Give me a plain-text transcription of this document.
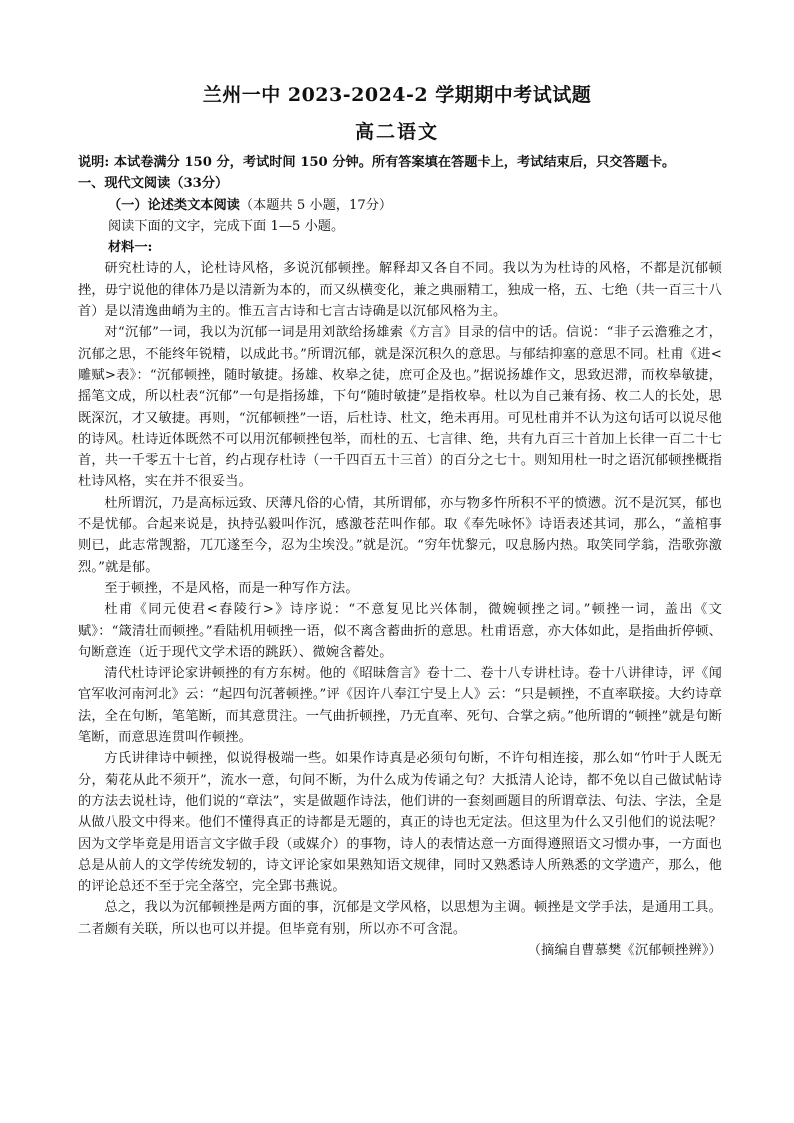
兰州一中 2023-2024-2 学期期中考试试题
高二语文

说明: 本试卷满分 150 分，考试时间 150 分钟。所有答案填在答题卡上，考试结束后，只交答题卡。

一、现代文阅读（33分）

（一）论述类文本阅读（本题共 5 小题，17分）

阅读下面的文字，完成下面 1—5 小题。

材料一:

研究杜诗的人，论杜诗风格，多说沉郁顿挫。解释却又各自不同。我以为为杜诗的风格，不都是沉郁顿挫，毋宁说他的律体乃是以清新为本的，而又纵横变化，兼之典丽精工，独成一格，五、七绝（共一百三十八首）是以清逸曲峭为主的。惟五言古诗和七言古诗确是以沉郁风格为主。

对“沉郁”一词，我以为沉郁一词是用刘歆给扬雄索《方言》目录的信中的话。信说：“非子云澹雅之才，沉郁之思，不能终年锐精，以成此书。”所谓沉郁，就是深沉积久的意思。与郁结抑塞的意思不同。杜甫《进<雕赋>表》：“沉郁顿挫，随时敏捷。扬雄、枚皋之徒，庶可企及也。”据说扬雄作文，思致迟滞，而枚皋敏捷，摇笔文成，所以杜表“沉郁”一句是指扬雄，下句“随时敏捷”是指枚皋。杜以为自己兼有扬、枚二人的长处，思既深沉，才又敏捷。再则，“沉郁顿挫”一语，后杜诗、杜文，绝未再用。可见杜甫并不认为这句话可以说尽他的诗风。杜诗近体既然不可以用沉郁顿挫包举，而杜的五、七言律、绝，共有九百三十首加上长律一百二十七首，共一千零五十七首，约占现存杜诗（一千四百五十三首）的百分之七十。则知用杜一时之语沉郁顿挫概指杜诗风格，实在并不很妥当。

杜所谓沉，乃是高标远致、厌薄凡俗的心情，其所谓郁，亦与物多忤所积不平的愤懑。沉不是沉冥，郁也不是忧郁。合起来说是，执持弘毅叫作沉，感激苍茫叫作郁。取《奉先咏怀》诗语表述其词，那么，“盖棺事则已，此志常觊豁，兀兀遂至今，忍为尘埃没。”就是沉。“穷年忧黎元，叹息肠内热。取笑同学翁，浩歌弥激烈。”就是郁。

至于顿挫，不是风格，而是一种写作方法。

杜甫《同元使君<舂陵行>》诗序说：“不意复见比兴体制，微婉顿挫之词。”顿挫一词，盖出《文赋》：“箴清壮而顿挫。”看陆机用顿挫一语，似不离含蓄曲折的意思。杜甫语意，亦大体如此，是指曲折停顿、句断意连（近于现代文学术语的跳跃）、微婉含蓄处。

清代杜诗评论家讲顿挫的有方东树。他的《昭昧詹言》卷十二、卷十八专讲杜诗。卷十八讲律诗，评《闻官军收河南河北》云：“起四句沉著顿挫。”评《因许八奉江宁旻上人》云：“只是顿挫，不直率联接。大约诗章法，全在句断，笔笔断，而其意贯注。一气曲折顿挫，乃无直率、死句、合掌之病。”他所谓的“顿挫”就是句断笔断，而意思连贯叫作顿挫。

方氏讲律诗中顿挫，似说得极端一些。如果作诗真是必须句句断，不许句相连接，那么如“竹叶于人既无分，菊花从此不须开”，流水一意，句间不断，为什么成为传诵之句？大抵清人论诗，都不免以自己做试帖诗的方法去说杜诗，他们说的“章法”，实是做题作诗法，他们讲的一套刻画题目的所谓章法、句法、字法，全是从做八股文中得来。他们不懂得真正的诗都是无题的，真正的诗也无定法。但这里为什么又引他们的说法呢？因为文学毕竟是用语言文字做手段（或媒介）的事物，诗人的表情达意一方面得遵照语文习惯办事，一方面也总是从前人的文学传统发轫的，诗文评论家如果熟知语文规律，同时又熟悉诗人所熟悉的文学遗产，那么，他的评论总还不至于完全落空，完全郢书燕说。

总之，我以为沉郁顿挫是两方面的事，沉郁是文学风格，以思想为主调。顿挫是文学手法，是通用工具。二者颇有关联，所以也可以并提。但毕竟有别，所以亦不可含混。

（摘编自曹慕樊《沉郁顿挫辨》）
